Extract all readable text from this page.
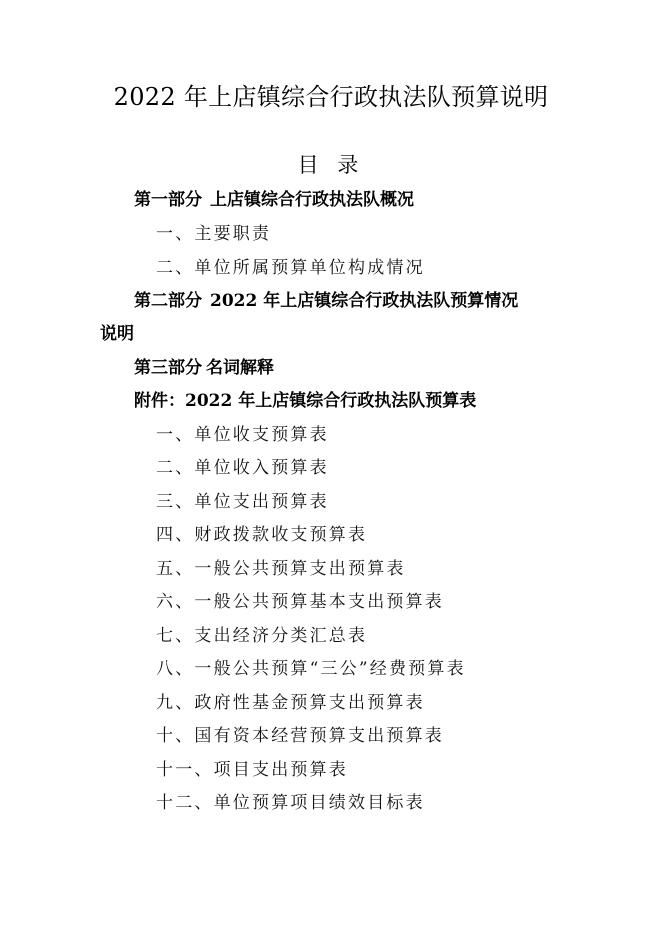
2022 年上店镇综合行政执法队预算说明
目 录
第一部分 上店镇综合行政执法队概况
一、主要职责
二、单位所属预算单位构成情况
第二部分 2022 年上店镇综合行政执法队预算情况
说明
第三部分 名词解释
附件：2022 年上店镇综合行政执法队预算表
一、单位收支预算表
二、单位收入预算表
三、单位支出预算表
四、财政拨款收支预算表
五、一般公共预算支出预算表
六、一般公共预算基本支出预算表
七、支出经济分类汇总表
八、一般公共预算“三公”经费预算表
九、政府性基金预算支出预算表
十、国有资本经营预算支出预算表
十一、项目支出预算表
十二、单位预算项目绩效目标表
